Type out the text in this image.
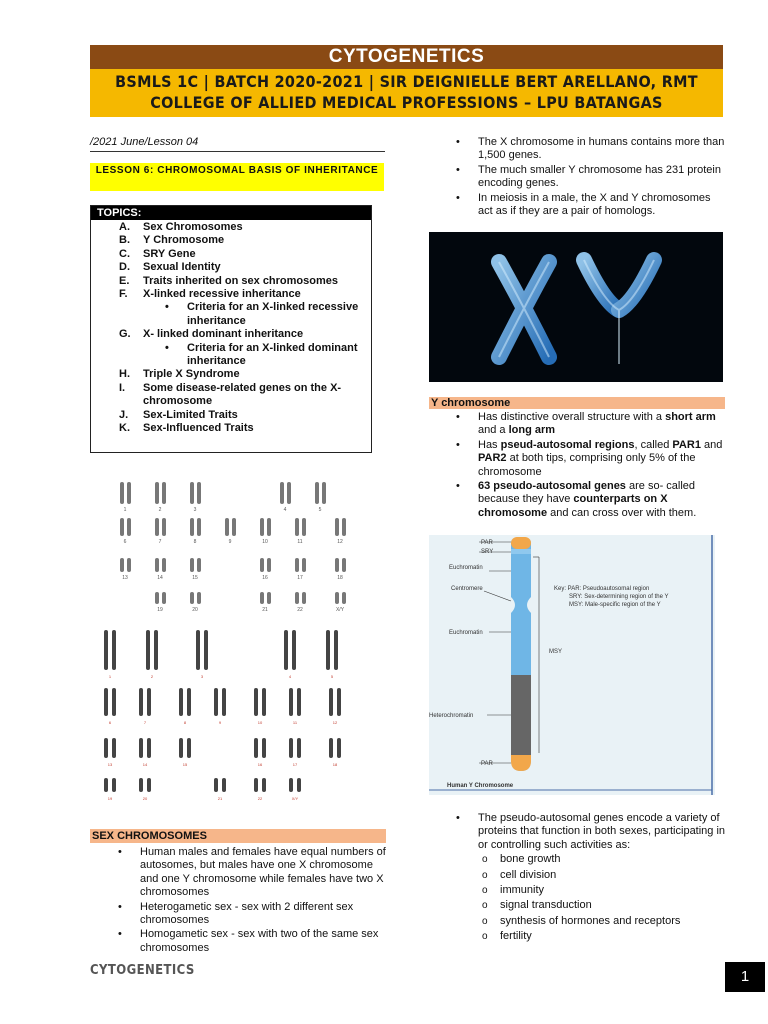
CYTOGENETICS
BSMLS 1C | BATCH 2020-2021 | SIR DEIGNIELLE BERT ARELLANO, RMT
COLLEGE OF ALLIED MEDICAL PROFESSIONS – LPU BATANGAS
/2021 June/Lesson 04
LESSON 6: CHROMOSOMAL BASIS OF INHERITANCE
TOPICS:
A. Sex Chromosomes
B. Y Chromosome
C. SRY Gene
D. Sexual Identity
E. Traits inherited on sex chromosomes
F. X-linked recessive inheritance
• Criteria for an X-linked recessive inheritance
G. X- linked dominant inheritance
• Criteria for an X-linked dominant inheritance
H. Triple X Syndrome
I. Some disease-related genes on the X-chromosome
J. Sex-Limited Traits
K. Sex-Influenced Traits
1	2	3	4	5
6	7	8	9	10	11	12
13	14	15	16	17	18
19	20	21	22	X/Y
1	2	3	4	5
6	7	8	9	10	11	12
13	14	15	16	17	18
19	20	21	22	X/Y
SEX CHROMOSOMES
• Human males and females have equal numbers of autosomes, but males have one X chromosome and one Y chromosome while females have two X chromosomes
• Heterogametic sex - sex with 2 different sex chromosomes
• Homogametic sex - sex with two of the same sex chromosomes
• The X chromosome in humans contains more than 1,500 genes.
• The much smaller Y chromosome has 231 protein encoding genes.
• In meiosis in a male, the X and Y chromosomes act as if they are a pair of homologs.
Y chromosome
• Has distinctive overall structure with a short arm and a long arm
• Has pseud-autosomal regions, called PAR1 and PAR2 at both tips, comprising only 5% of the chromosome
• 63 pseudo-autosomal genes are so- called because they have counterparts on X chromosome and can cross over with them.
PAR
SRY
Euchromatin
Centromere
Euchromatin
Heterochromatin
PAR
MSY
Key: PAR: Pseudoautosomal region
SRY: Sex-determining region of the Y
MSY: Male-specific region of the Y
Human Y Chromosome
• The pseudo-autosomal genes encode a variety of proteins that function in both sexes, participating in or controlling such activities as:
o bone growth
o cell division
o immunity
o signal transduction
o synthesis of hormones and receptors
o fertility
CYTOGENETICS	1
